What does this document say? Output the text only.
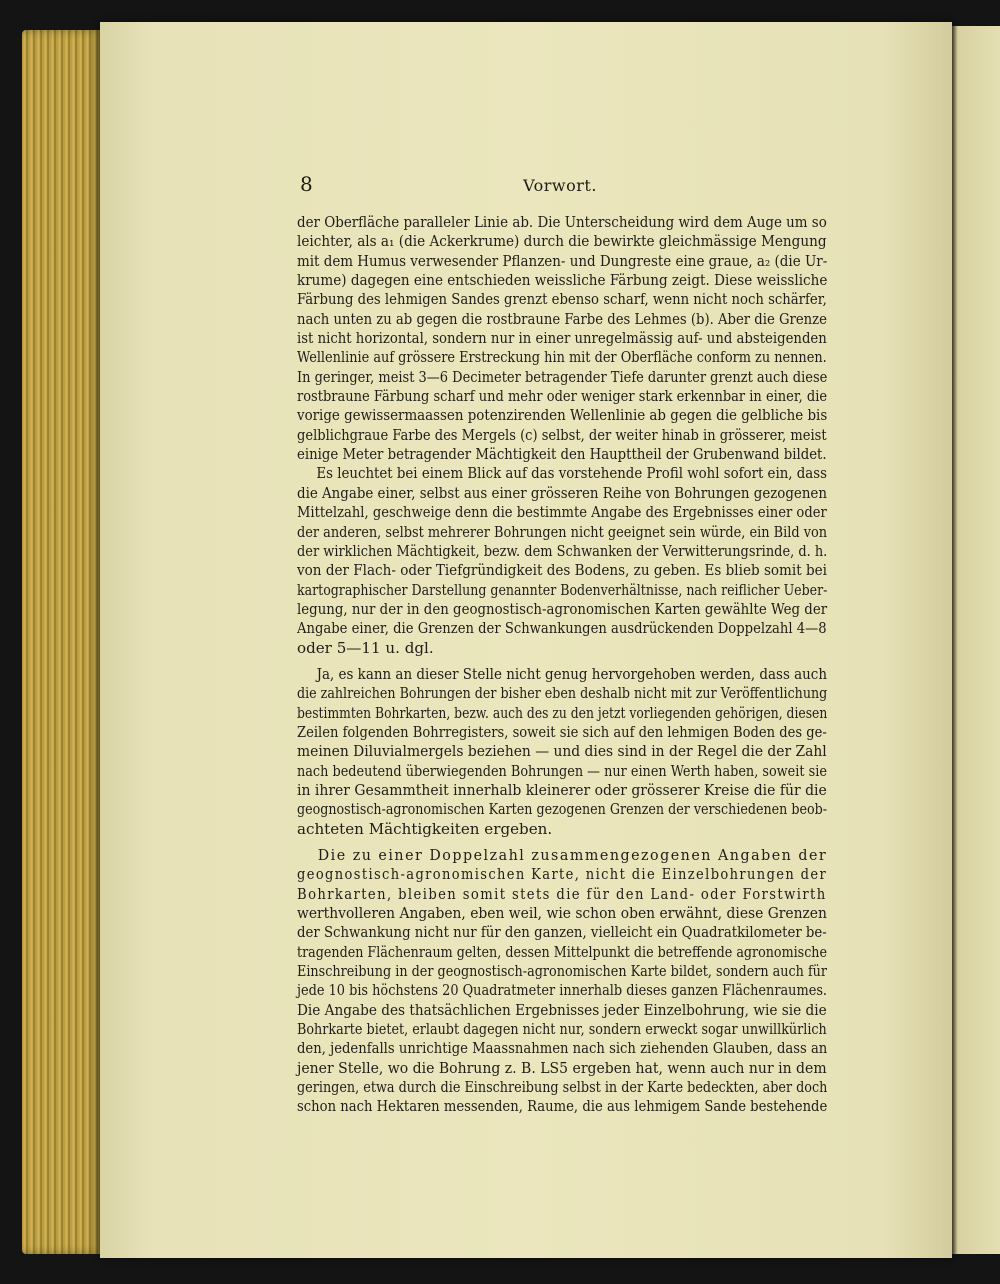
8	Vorwort.
der Oberfläche paralleler Linie ab. Die Unterscheidung wird dem Auge um so
leichter, als a₁ (die Ackerkrume) durch die bewirkte gleichmässige Mengung
mit dem Humus verwesender Pflanzen- und Dungreste eine graue, a₂ (die Ur-
krume) dagegen eine entschieden weissliche Färbung zeigt. Diese weissliche
Färbung des lehmigen Sandes grenzt ebenso scharf, wenn nicht noch schärfer,
nach unten zu ab gegen die rostbraune Farbe des Lehmes (b). Aber die Grenze
ist nicht horizontal, sondern nur in einer unregelmässig auf- und absteigenden
Wellenlinie auf grössere Erstreckung hin mit der Oberfläche conform zu nennen.
In geringer, meist 3—6 Decimeter betragender Tiefe darunter grenzt auch diese
rostbraune Färbung scharf und mehr oder weniger stark erkennbar in einer, die
vorige gewissermaassen potenzirenden Wellenlinie ab gegen die gelbliche bis
gelblichgraue Farbe des Mergels (c) selbst, der weiter hinab in grösserer, meist
einige Meter betragender Mächtigkeit den Haupttheil der Grubenwand bildet.
Es leuchtet bei einem Blick auf das vorstehende Profil wohl sofort ein, dass
die Angabe einer, selbst aus einer grösseren Reihe von Bohrungen gezogenen
Mittelzahl, geschweige denn die bestimmte Angabe des Ergebnisses einer oder
der anderen, selbst mehrerer Bohrungen nicht geeignet sein würde, ein Bild von
der wirklichen Mächtigkeit, bezw. dem Schwanken der Verwitterungsrinde, d. h.
von der Flach- oder Tiefgründigkeit des Bodens, zu geben. Es blieb somit bei
kartographischer Darstellung genannter Bodenverhältnisse, nach reiflicher Ueber-
legung, nur der in den geognostisch-agronomischen Karten gewählte Weg der
Angabe einer, die Grenzen der Schwankungen ausdrückenden Doppelzahl 4—8
oder 5—11 u. dgl.
Ja, es kann an dieser Stelle nicht genug hervorgehoben werden, dass auch
die zahlreichen Bohrungen der bisher eben deshalb nicht mit zur Veröffentlichung
bestimmten Bohrkarten, bezw. auch des zu den jetzt vorliegenden gehörigen, diesen
Zeilen folgenden Bohrregisters, soweit sie sich auf den lehmigen Boden des ge-
meinen Diluvialmergels beziehen — und dies sind in der Regel die der Zahl
nach bedeutend überwiegenden Bohrungen — nur einen Werth haben, soweit sie
in ihrer Gesammtheit innerhalb kleinerer oder grösserer Kreise die für die
geognostisch-agronomischen Karten gezogenen Grenzen der verschiedenen beob-
achteten Mächtigkeiten ergeben.
Die zu einer Doppelzahl zusammengezogenen Angaben der
geognostisch-agronomischen Karte, nicht die Einzelbohrungen der
Bohrkarten, bleiben somit stets die für den Land- oder Forstwirth
werthvolleren Angaben, eben weil, wie schon oben erwähnt, diese Grenzen
der Schwankung nicht nur für den ganzen, vielleicht ein Quadratkilometer be-
tragenden Flächenraum gelten, dessen Mittelpunkt die betreffende agronomische
Einschreibung in der geognostisch-agronomischen Karte bildet, sondern auch für
jede 10 bis höchstens 20 Quadratmeter innerhalb dieses ganzen Flächenraumes.
Die Angabe des thatsächlichen Ergebnisses jeder Einzelbohrung, wie sie die
Bohrkarte bietet, erlaubt dagegen nicht nur, sondern erweckt sogar unwillkürlich
den, jedenfalls unrichtige Maassnahmen nach sich ziehenden Glauben, dass an
jener Stelle, wo die Bohrung z. B. LS5 ergeben hat, wenn auch nur in dem
geringen, etwa durch die Einschreibung selbst in der Karte bedeckten, aber doch
schon nach Hektaren messenden, Raume, die aus lehmigem Sande bestehende
